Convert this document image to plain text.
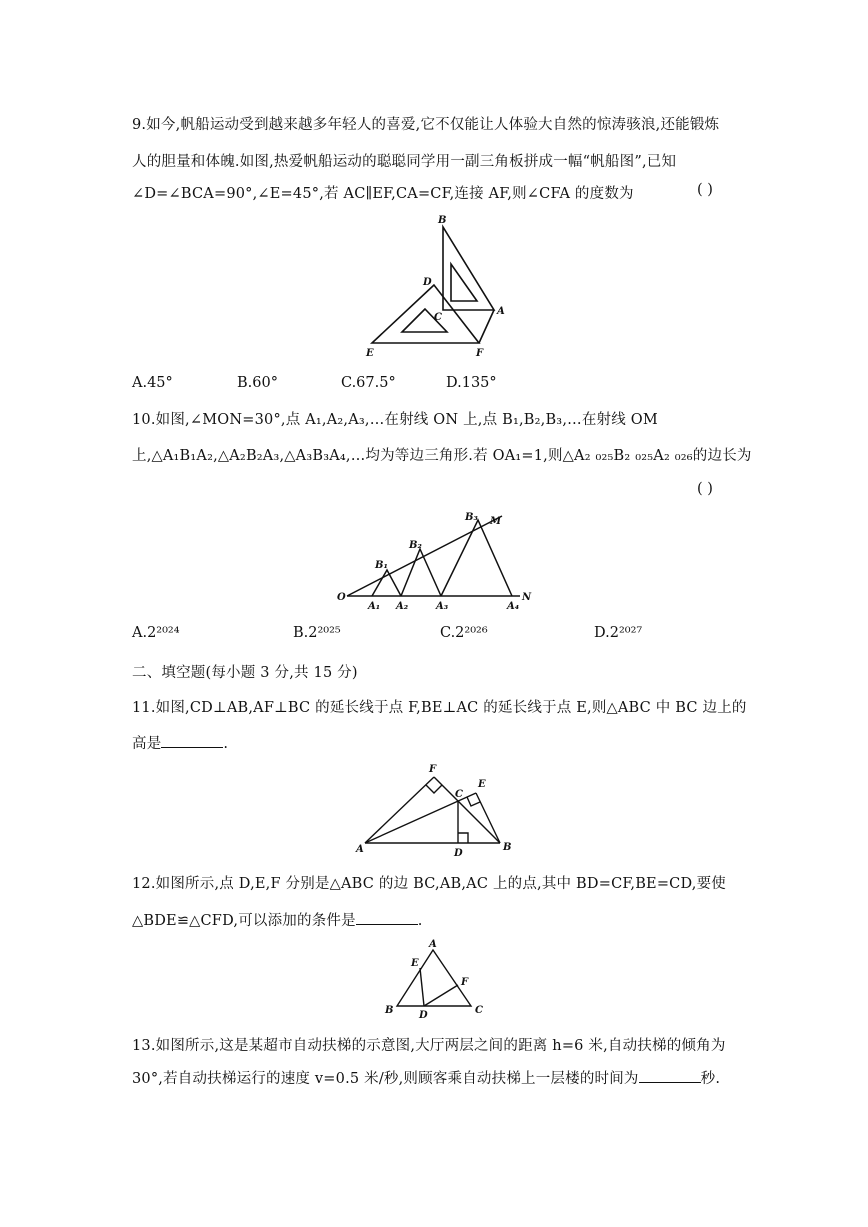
9.如今,帆船运动受到越来越多年轻人的喜爱,它不仅能让人体验大自然的惊涛骇浪,还能锻炼
人的胆量和体魄.如图,热爱帆船运动的聪聪同学用一副三角板拼成一幅“帆船图”,已知
∠D=∠BCA=90°,∠E=45°,若 AC∥EF,CA=CF,连接 AF,则∠CFA 的度数为	( )
B
D
C
A
E	F
A.45°	B.60°	C.67.5°	D.135°
10.如图,∠MON=30°,点 A₁,A₂,A₃,…在射线 ON 上,点 B₁,B₂,B₃,…在射线 OM
上,△A₁B₁A₂,△A₂B₂A₃,△A₃B₃A₄,…均为等边三角形.若 OA₁=1,则△A₂ ₀₂₅B₂ ₀₂₅A₂ ₀₂₆的边长为
( )
O
M
N
B₁
B₂
B₃
A₁ A₂	A₃	A₄
A.2²⁰²⁴	B.2²⁰²⁵	C.2²⁰²⁶	D.2²⁰²⁷
二、填空题(每小题 3 分,共 15 分)
11.如图,CD⊥AB,AF⊥BC 的延长线于点 F,BE⊥AC 的延长线于点 E,则△ABC 中 BC 边上的
高是	.
F
E
C
A	D
B
12.如图所示,点 D,E,F 分别是△ABC 的边 BC,AB,AC 上的点,其中 BD=CF,BE=CD,要使
△BDE≌△CFD,可以添加的条件是	.
A
E
F
B	D	C
13.如图所示,这是某超市自动扶梯的示意图,大厅两层之间的距离 h=6 米,自动扶梯的倾角为
30°,若自动扶梯运行的速度 v=0.5 米/秒,则顾客乘自动扶梯上一层楼的时间为	秒.
